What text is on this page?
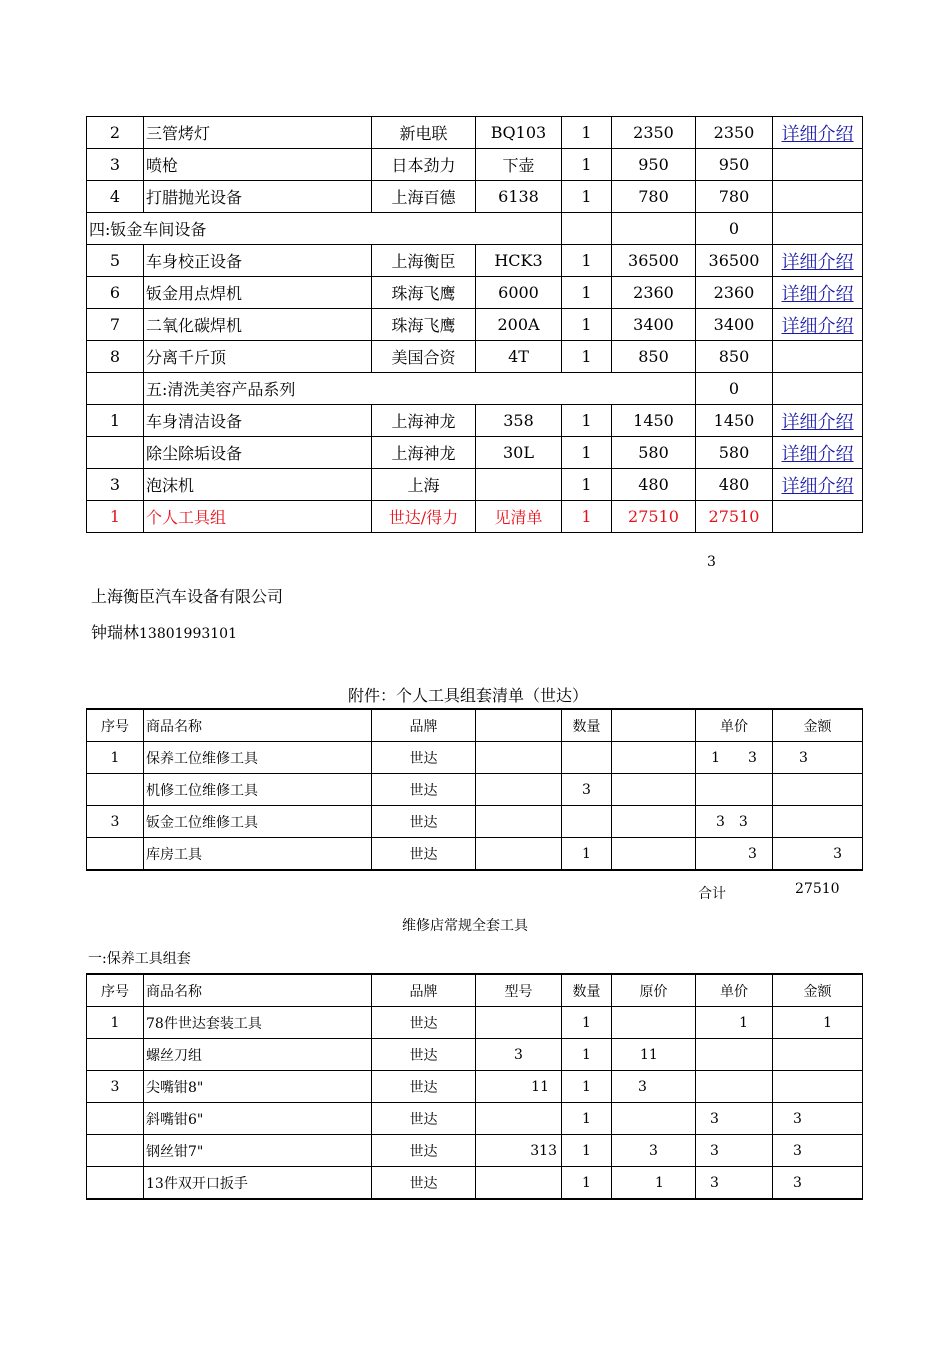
2	三管烤灯	新电联	BQ103	1	2350	2350	详细介绍
3	喷枪	日本劲力	下壶	1	950	950	
4	打腊抛光设备	上海百德	6138	1	780	780	
四:钣金车间设备						0	
5	车身校正设备	上海衡臣	HCK3	1	36500	36500	详细介绍
6	钣金用点焊机	珠海飞鹰	6000	1	2360	2360	详细介绍
7	二氧化碳焊机	珠海飞鹰	200A	1	3400	3400	详细介绍
8	分离千斤顶	美国合资	4T	1	850	850	
	五:清洗美容产品系列					0	
1	车身清洁设备	上海神龙	358	1	1450	1450	详细介绍
	除尘除垢设备	上海神龙	30L	1	580	580	详细介绍
3	泡沫机	上海		1	480	480	详细介绍
1	个人工具组	世达/得力	见清单	1	27510	27510	
3
上海衡臣汽车设备有限公司
钟瑞林13801993101
附件：个人工具组套清单（世达）
序号	商品名称	品牌		数量		单价	金额
1	保养工位维修工具	世达				1 3	3
	机修工位维修工具	世达		3			
3	钣金工位维修工具	世达				3 3	
	库房工具	世达		1		3	3
合计	27510
维修店常规全套工具
一:保养工具组套
序号	商品名称	品牌	型号	数量	原价	单价	金额
1	78件世达套装工具	世达		1		1	1
	螺丝刀组	世达	3	1	11		
3	尖嘴钳8"	世达	11	1	3		
	斜嘴钳6"	世达		1		3	3
	钢丝钳7"	世达	313	1	3	3	3
	13件双开口扳手	世达		1	1	3	3
